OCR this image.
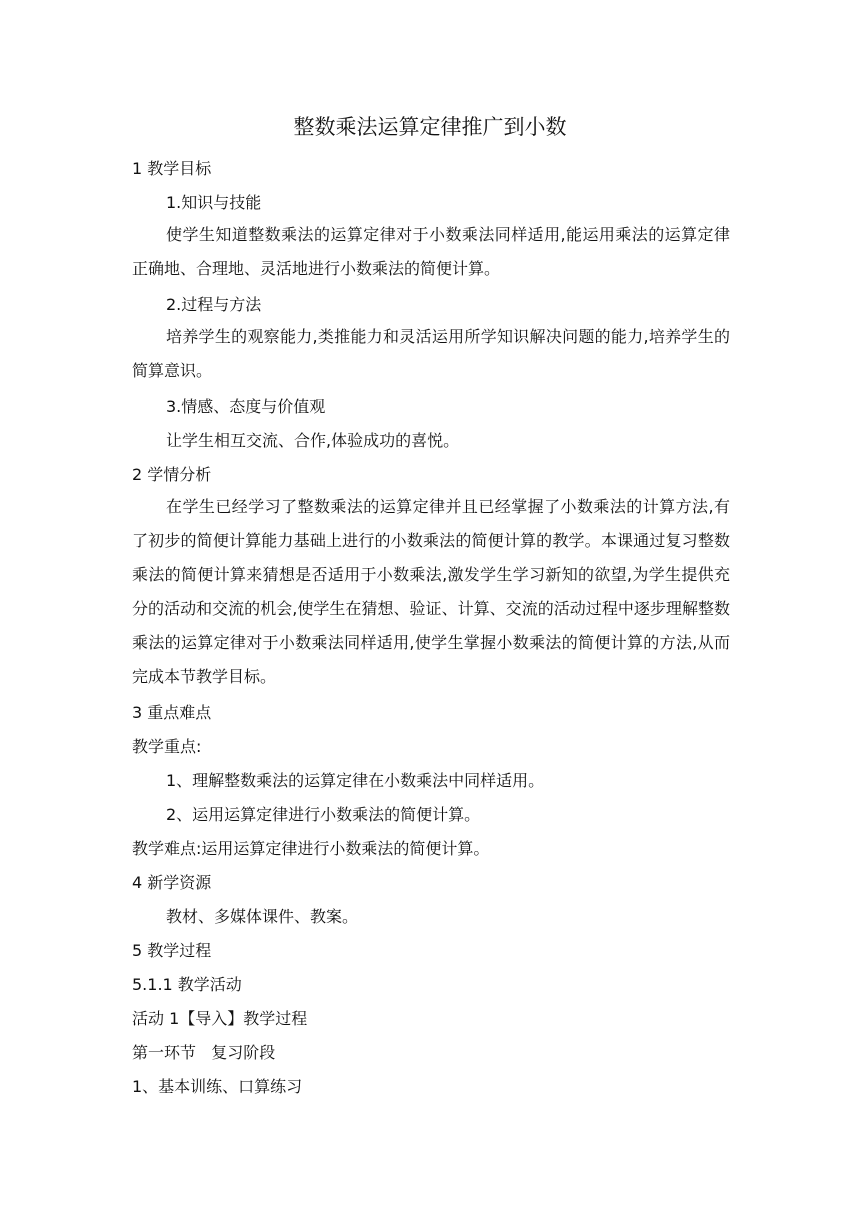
整数乘法运算定律推广到小数
1 教学目标
1.知识与技能
使学生知道整数乘法的运算定律对于小数乘法同样适用,能运用乘法的运算定律正确地、合理地、灵活地进行小数乘法的简便计算。
2.过程与方法
培养学生的观察能力,类推能力和灵活运用所学知识解决问题的能力,培养学生的简算意识。
3.情感、态度与价值观
让学生相互交流、合作,体验成功的喜悦。
2 学情分析
在学生已经学习了整数乘法的运算定律并且已经掌握了小数乘法的计算方法,有了初步的简便计算能力基础上进行的小数乘法的简便计算的教学。本课通过复习整数乘法的简便计算来猜想是否适用于小数乘法,激发学生学习新知的欲望,为学生提供充分的活动和交流的机会,使学生在猜想、验证、计算、交流的活动过程中逐步理解整数乘法的运算定律对于小数乘法同样适用,使学生掌握小数乘法的简便计算的方法,从而完成本节教学目标。
3 重点难点
教学重点:
1、理解整数乘法的运算定律在小数乘法中同样适用。
2、运用运算定律进行小数乘法的简便计算。
教学难点:运用运算定律进行小数乘法的简便计算。
4 新学资源
教材、多媒体课件、教案。
5 教学过程
5.1.1 教学活动
活动 1【导入】教学过程
第一环节   复习阶段
1、基本训练、口算练习
